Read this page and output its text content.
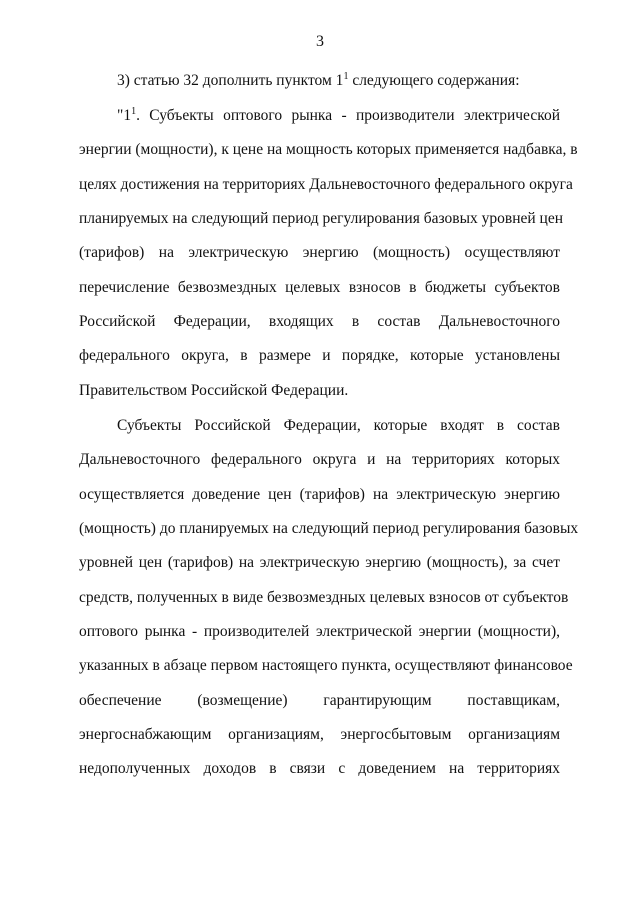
3
3) статью 32 дополнить пунктом $1^1$ следующего содержания:
"$1^1$. Субъекты оптового рынка - производители электрической
энергии (мощности), к цене на мощность которых применяется надбавка, в
целях достижения на территориях Дальневосточного федерального округа
планируемых на следующий период регулирования базовых уровней цен
(тарифов) на электрическую энергию (мощность) осуществляют
перечисление безвозмездных целевых взносов в бюджеты субъектов
Российской Федерации, входящих в состав Дальневосточного
федерального округа, в размере и порядке, которые установлены
Правительством Российской Федерации.
Субъекты Российской Федерации, которые входят в состав
Дальневосточного федерального округа и на территориях которых
осуществляется доведение цен (тарифов) на электрическую энергию
(мощность) до планируемых на следующий период регулирования базовых
уровней цен (тарифов) на электрическую энергию (мощность), за счет
средств, полученных в виде безвозмездных целевых взносов от субъектов
оптового рынка - производителей электрической энергии (мощности),
указанных в абзаце первом настоящего пункта, осуществляют финансовое
обеспечение (возмещение) гарантирующим поставщикам,
энергоснабжающим организациям, энергосбытовым организациям
недополученных доходов в связи с доведением на территориях
